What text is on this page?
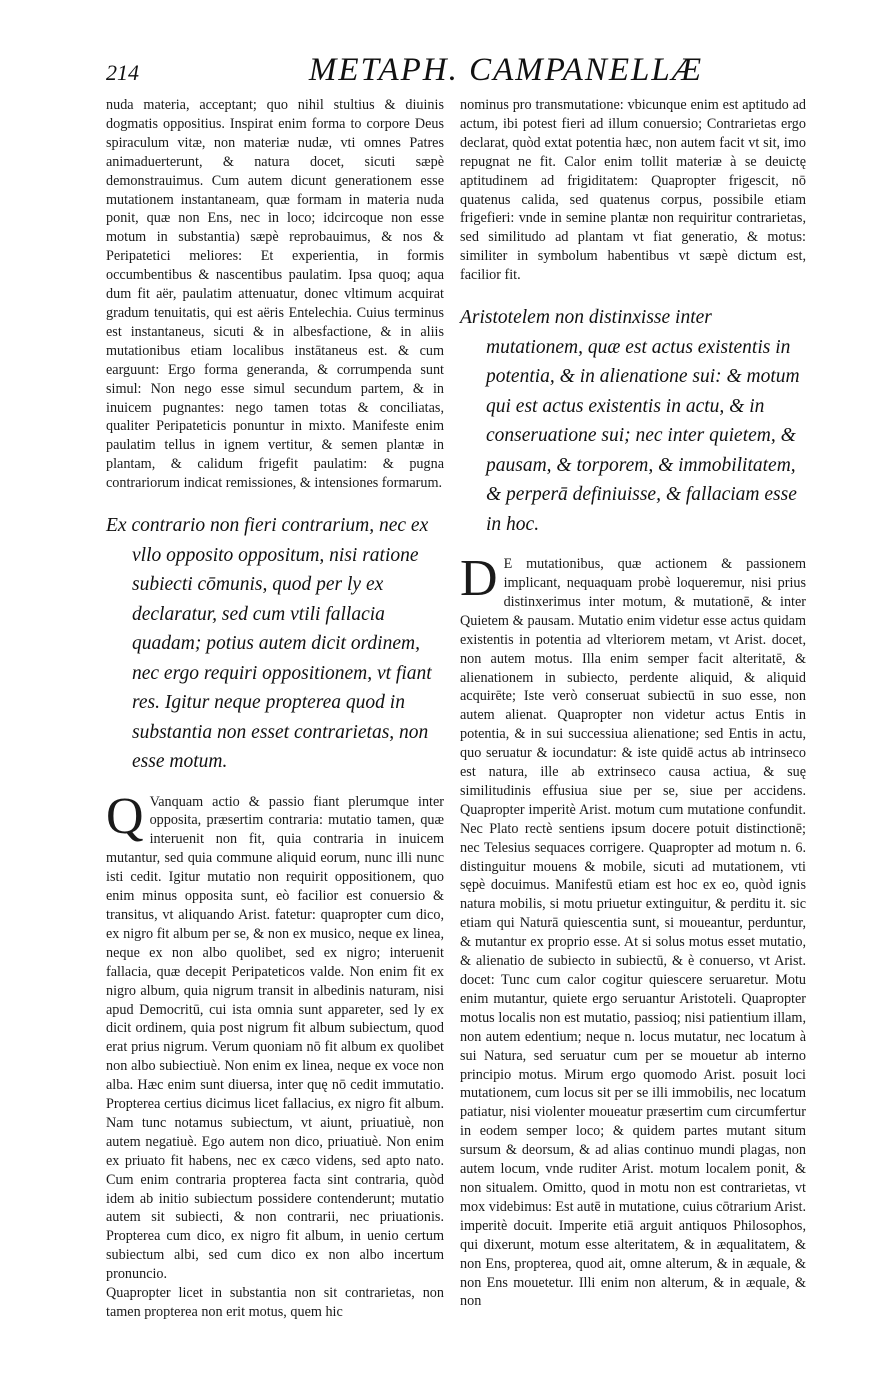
214	METAPH. CAMPANELLÆ

nuda materia, acceptant; quo nihil stultius & diuinis dogmatis oppositius. Inspirat enim forma to corpore Deus spiraculum vitæ, non materiæ nudæ, vti omnes Patres animaduerterunt, & natura docet, sicuti sæpè demonstrauimus. Cum autem dicunt generationem esse mutationem instantaneam, quæ formam in materia nuda ponit, quæ non Ens, nec in loco; idcircoque non esse motum in substantia) sæpè reprobauimus, & nos & Peripatetici meliores: Et experientia, in formis occumbentibus & nascentibus paulatim. Ipsa quoq; aqua dum fit aër, paulatim attenuatur, donec vltimum acquirat gradum tenuitatis, qui est aëris Entelechia. Cuius terminus est instantaneus, sicuti & in albesfactione, & in aliis mutationibus etiam localibus instātaneus est. & cum earguunt: Ergo forma generanda, & corrumpenda sunt simul: Non nego esse simul secundum partem, & in inuicem pugnantes: nego tamen totas & conciliatas, qualiter Peripateticis ponuntur in mixto. Manifeste enim paulatim tellus in ignem vertitur, & semen plantæ in plantam, & calidum frigefit paulatim: & pugna contrariorum indicat remissiones, & intensiones formarum.

Ex contrario non fieri contrarium, nec ex vllo opposito oppositum, nisi ratione subiecti cōmunis, quod per ly ex declaratur, sed cum vtili fallacia quadam; potius autem dicit ordinem, nec ergo requiri oppositionem, vt fiant res. Igitur neque propterea quod in substantia non esset contrarietas, non esse motum.

Q Vanquam actio & passio fiant plerumque inter opposita, præsertim contraria: mutatio tamen, quæ interuenit non fit, quia contraria in inuicem mutantur, sed quia commune aliquid eorum, nunc illi nunc isti cedit. Igitur mutatio non requirit oppositionem, quo enim minus opposita sunt, eò facilior est conuersio & transitus, vt aliquando Arist. fatetur: quapropter cum dico, ex nigro fit album per se, & non ex musico, neque ex linea, neque ex non albo quolibet, sed ex nigro; interuenit fallacia, quæ decepit Peripateticos valde. Non enim fit ex nigro album, quia nigrum transit in albedinis naturam, nisi apud Democritū, cui ista omnia sunt appareter, sed ly ex dicit ordinem, quia post nigrum fit album subiectum, quod erat prius nigrum. Verum quoniam nō fit album ex quolibet non albo subiectiuè. Non enim ex linea, neque ex voce non alba. Hæc enim sunt diuersa, inter quę nō cedit immutatio. Propterea certius dicimus licet fallacius, ex nigro fit album. Nam tunc notamus subiectum, vt aiunt, priuatiuè, non autem negatiuè. Ego autem non dico, priuatiuè. Non enim ex priuato fit habens, nec ex cæco videns, sed apto nato. Cum enim contraria propterea facta sint contraria, quòd idem ab initio subiectum possidere contenderunt; mutatio autem sit subiecti, & non contrarii, nec priuationis. Propterea cum dico, ex nigro fit album, in uenio certum subiectum albi, sed cum dico ex non albo incertum pronuncio.

Quapropter licet in substantia non sit contrarietas, non tamen propterea non erit motus, quem hic

nominus pro transmutatione: vbicunque enim est aptitudo ad actum, ibi potest fieri ad illum conuersio; Contrarietas ergo declarat, quòd extat potentia hæc, non autem facit vt sit, imo repugnat ne fit. Calor enim tollit materiæ à se deuictę aptitudinem ad frigiditatem: Quapropter frigescit, nō quatenus calida, sed quatenus corpus, possibile etiam frigefieri: vnde in semine plantæ non requiritur contrarietas, sed similitudo ad plantam vt fiat generatio, & motus: similiter in symbolum habentibus vt sæpè dictum est, facilior fit.

Aristotelem non distinxisse inter mutationem, quæ est actus existentis in potentia, & in alienatione sui: & motum qui est actus existentis in actu, & in conseruatione sui; nec inter quietem, & pausam, & torporem, & immobilitatem, & perperā definiuisse, & fallaciam esse in hoc.

D E mutationibus, quæ actionem & passionem implicant, nequaquam probè loqueremur, nisi prius distinxerimus inter motum, & mutationē, & inter Quietem & pausam. Mutatio enim videtur esse actus quidam existentis in potentia ad vlteriorem metam, vt Arist. docet, non autem motus. Illa enim semper facit alteritatē, & alienationem in subiecto, perdente aliquid, & aliquid acquirēte; Iste verò conseruat subiectū in suo esse, non autem alienat. Quapropter non videtur actus Entis in potentia, & in sui successiua alienatione; sed Entis in actu, quo seruatur & iocundatur: & iste quidē actus ab intrinseco est natura, ille ab extrinseco causa actiua, & suę similitudinis effusiua siue per se, siue per accidens. Quapropter imperitè Arist. motum cum mutatione confundit. Nec Plato rectè sentiens ipsum docere potuit distinctionē; nec Telesius sequaces corrigere. Quapropter ad motum n. 6. distinguitur mouens & mobile, sicuti ad mutationem, vti sępè docuimus. Manifestū etiam est hoc ex eo, quòd ignis natura mobilis, si motu priuetur extinguitur, & perditu it. sic etiam qui Naturā quiescentia sunt, si moueantur, perduntur, & mutantur ex proprio esse. At si solus motus esset mutatio, & alienatio de subiecto in subiectū, & è conuerso, vt Arist. docet: Tunc cum calor cogitur quiescere seruaretur. Motu enim mutantur, quiete ergo seruantur Aristoteli. Quapropter motus localis non est mutatio, passioq; nisi patientium illam, non autem edentium; neque n. locus mutatur, nec locatum à sui Natura, sed seruatur cum per se mouetur ab interno principio motus. Mirum ergo quomodo Arist. posuit loci mutationem, cum locus sit per se illi immobilis, nec locatum patiatur, nisi violenter moueatur præsertim cum circumfertur in eodem semper loco; & quidem partes mutant situm sursum & deorsum, & ad alias continuo mundi plagas, non autem locum, vnde ruditer Arist. motum localem ponit, & non situalem. Omitto, quod in motu non est contrarietas, vt mox videbimus: Est autē in mutatione, cuius cōtrarium Arist. imperitè docuit. Imperite etiā arguit antiquos Philosophos, qui dixerunt, motum esse alteritatem, & in æqualitatem, & non Ens, propterea, quod ait, omne alterum, & in æquale, & non Ens mouetetur. Illi enim non alterum, & in æquale, & non
